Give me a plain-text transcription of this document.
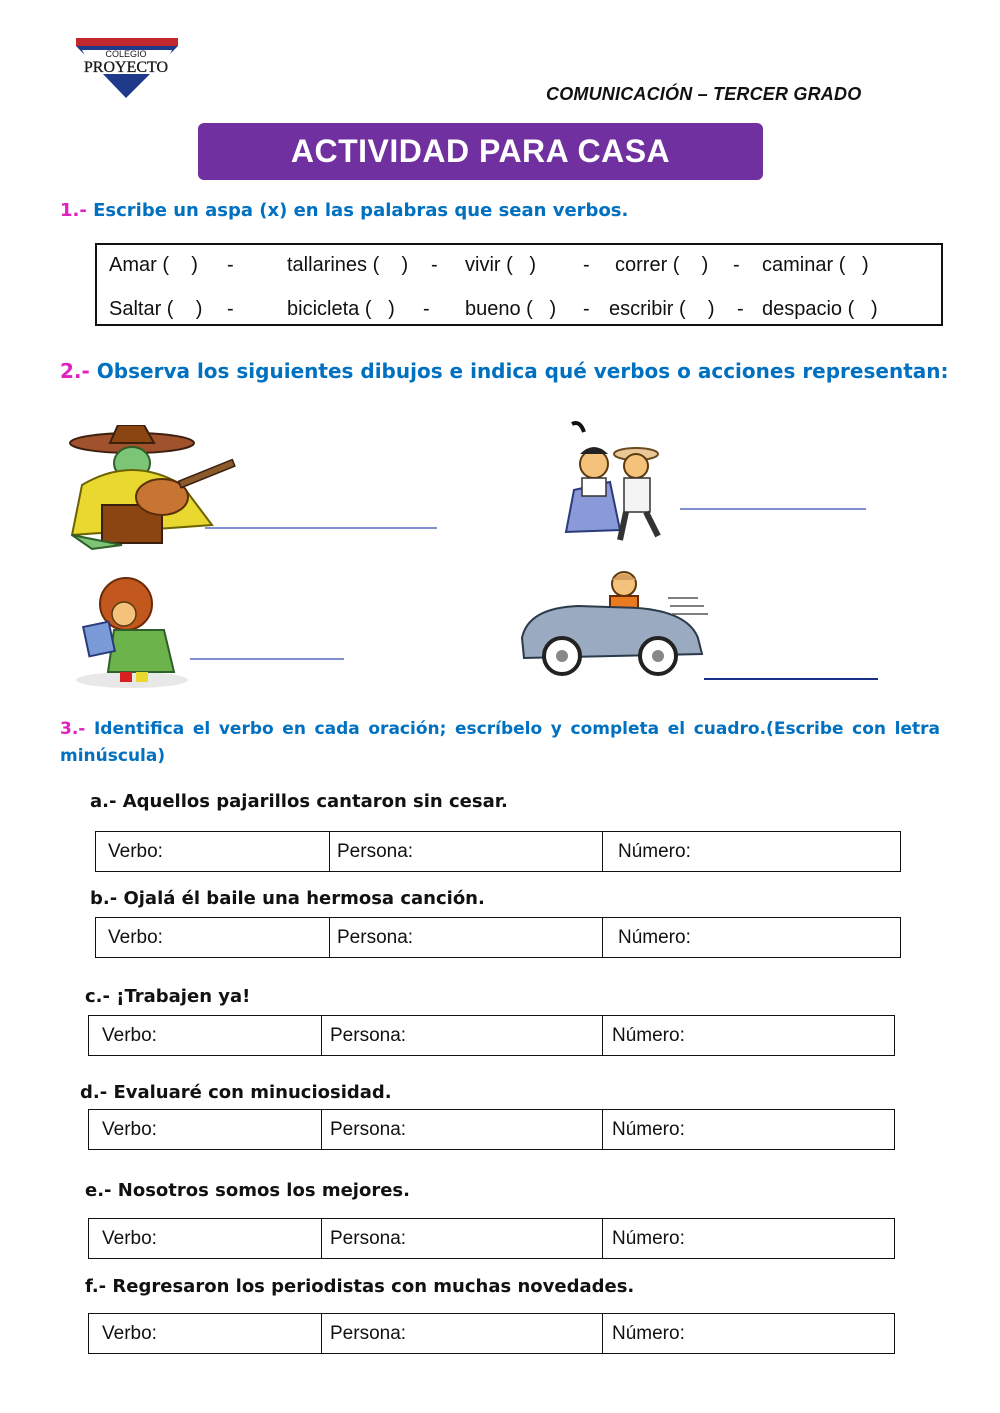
COLEGIO
PROYECTO
COMUNICACIÓN – TERCER GRADO
ACTIVIDAD PARA CASA
1.- Escribe un aspa (x) en las palabras que sean verbos.
Amar (    ) -	tallarines (    ) - vivir (   ) - correr (    ) - caminar (   )
Saltar (    ) -	bicicleta (   ) - bueno (   ) - escribir (    ) - despacio (   )
2.- Observa los siguientes dibujos e indica qué verbos o acciones representan:
3.- Identifica el verbo en cada oración; escríbelo y completa el cuadro.(Escribe con letra minúscula)
a.- Aquellos pajarillos cantaron sin cesar.
Verbo:	Persona:	Número:
b.- Ojalá él baile una hermosa canción.
Verbo:	Persona:	Número:
c.- ¡Trabajen ya!
Verbo:	Persona:	Número:
d.- Evaluaré con minuciosidad.
Verbo:	Persona:	Número:
e.- Nosotros somos los mejores.
Verbo:	Persona:	Número:
f.- Regresaron los periodistas con muchas novedades.
Verbo:	Persona:	Número:
